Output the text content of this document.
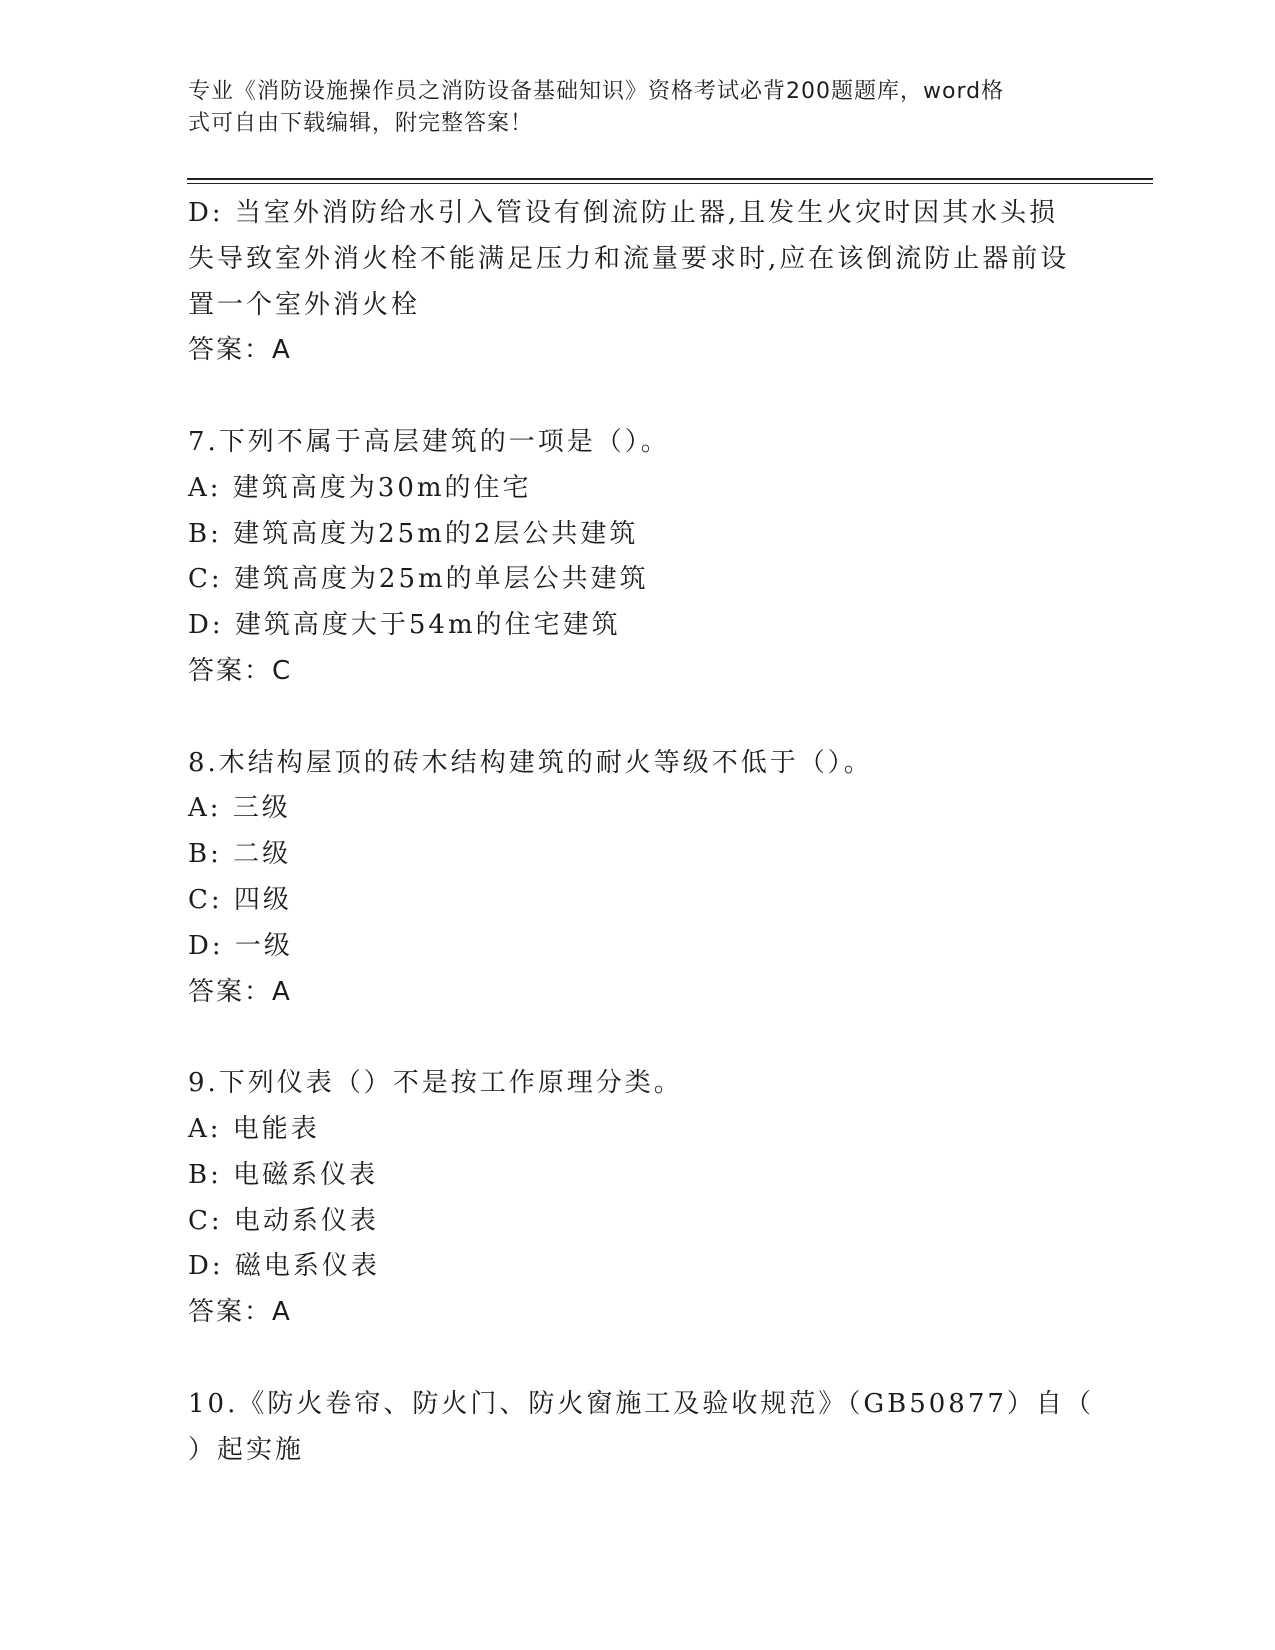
专业《消防设施操作员之消防设备基础知识》资格考试必背200题题库，word格
式可自由下载编辑，附完整答案！

D: 当室外消防给水引入管设有倒流防止器,且发生火灾时因其水头损

失导致室外消火栓不能满足压力和流量要求时,应在该倒流防止器前设

置一个室外消火栓

答案：A

7.下列不属于高层建筑的一项是（）。

A: 建筑高度为30m的住宅

B: 建筑高度为25m的2层公共建筑

C: 建筑高度为25m的单层公共建筑

D: 建筑高度大于54m的住宅建筑

答案：C

8.木结构屋顶的砖木结构建筑的耐火等级不低于（）。

A: 三级

B: 二级

C: 四级

D: 一级

答案：A

9.下列仪表（）不是按工作原理分类。

A: 电能表

B: 电磁系仪表

C: 电动系仪表

D: 磁电系仪表

答案：A

10.《防火卷帘、防火门、防火窗施工及验收规范》（GB50877）自（

）起实施
